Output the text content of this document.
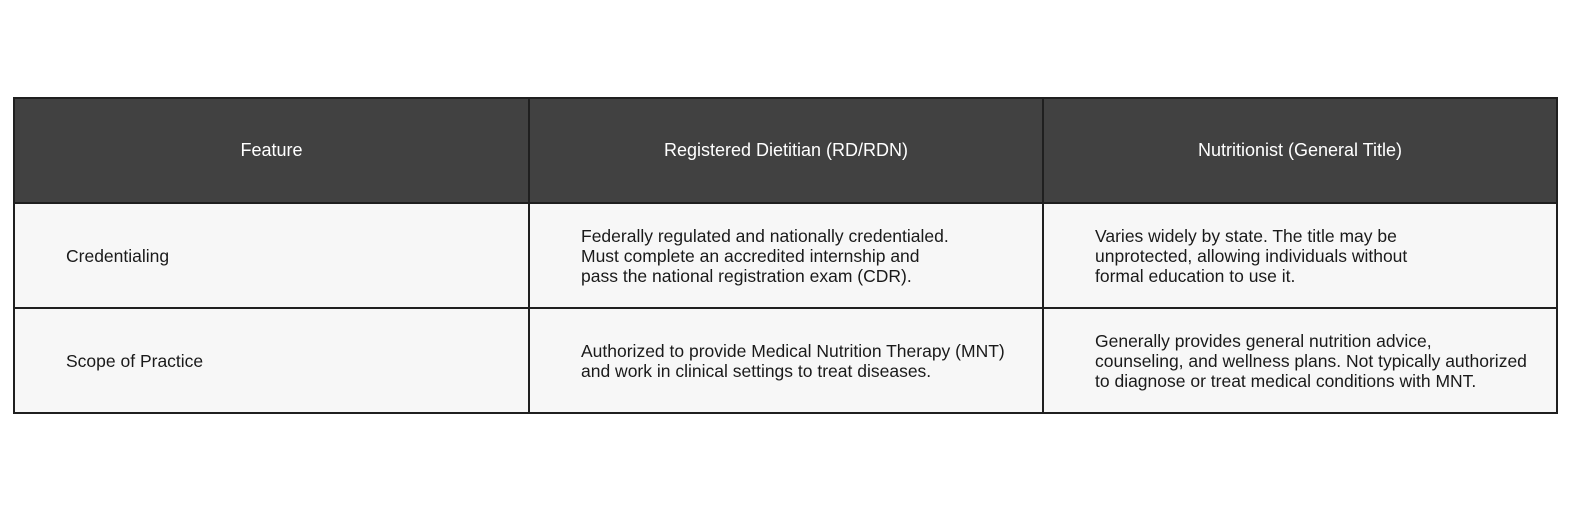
Feature	Registered Dietitian (RD/RDN)	Nutritionist (General Title)
Credentialing	Federally regulated and nationally credentialed.
Must complete an accredited internship and
pass the national registration exam (CDR).	Varies widely by state. The title may be
unprotected, allowing individuals without
formal education to use it.

Scope of Practice	Authorized to provide Medical Nutrition Therapy (MNT)
and work in clinical settings to treat diseases.	Generally provides general nutrition advice,
counseling, and wellness plans. Not typically authorized
to diagnose or treat medical conditions with MNT.
